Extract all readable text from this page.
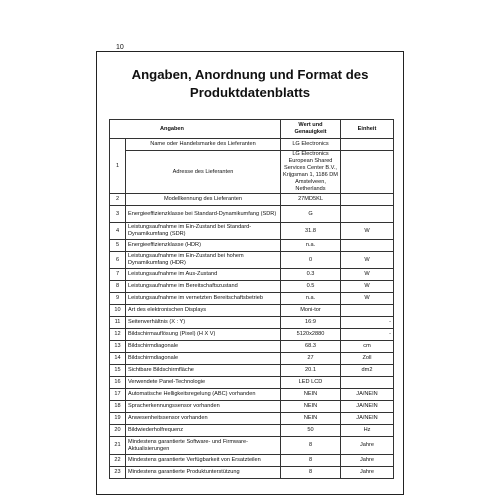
10
Angaben, Anordnung und Format des
Produktdatenblatts
Angaben		Wert und Genauigkeit	Einheit
1	Name oder Handelsmarke des Lieferanten	LG Electronics	
	Adresse des Lieferanten	LG Electronics European Shared Services Center B.V., Krijgsman 1, 1186 DM Amstelveen, Netherlands	
2	Modellkennung des Lieferanten	27MD5KL	
3	Energieeffizienzklasse bei Standard-Dynamikumfang (SDR)	G	
4	Leistungsaufnahme im Ein-Zustand bei Standard-Dynamikumfang (SDR)	31.8	W
5	Energieeffizienzklasse (HDR)	n.a.	
6	Leistungsaufnahme im Ein-Zustand bei hohem Dynamikumfang (HDR)	0	W
7	Leistungsaufnahme im Aus-Zustand	0.3	W
8	Leistungsaufnahme im Bereitschaftszustand	0.5	W
9	Leistungsaufnahme im vernetzten Bereitschaftsbetrieb	n.a.	W
10	Art des elektronischen Displays	Moni-tor	
11	Seitenverhältnis (X : Y)	16:9	-
12	Bildschirmauflösung (Pixel) (H X V)	5120x2880	-
13	Bildschirmdiagonale	68.3	cm
14	Bildschirmdiagonale	27	Zoll
15	Sichtbare Bildschirmfläche	20.1	dm2
16	Verwendete Panel-Technologie	LED LCD	
17	Automatische Helligkeitsregelung (ABC) vorhanden	NEIN	JA/NEIN
18	Spracherkennungssensor vorhanden	NEIN	JA/NEIN
19	Anwesenheitssensor vorhanden	NEIN	JA/NEIN
20	Bildwiederholfrequenz	50	Hz
21	Mindestens garantierte Software- und Firmware-Aktualisierungen	8	Jahre
22	Mindestens garantierte Verfügbarkeit von Ersatzteilen	8	Jahre
23	Mindestens garantierte Produktunterstützung	8	Jahre
